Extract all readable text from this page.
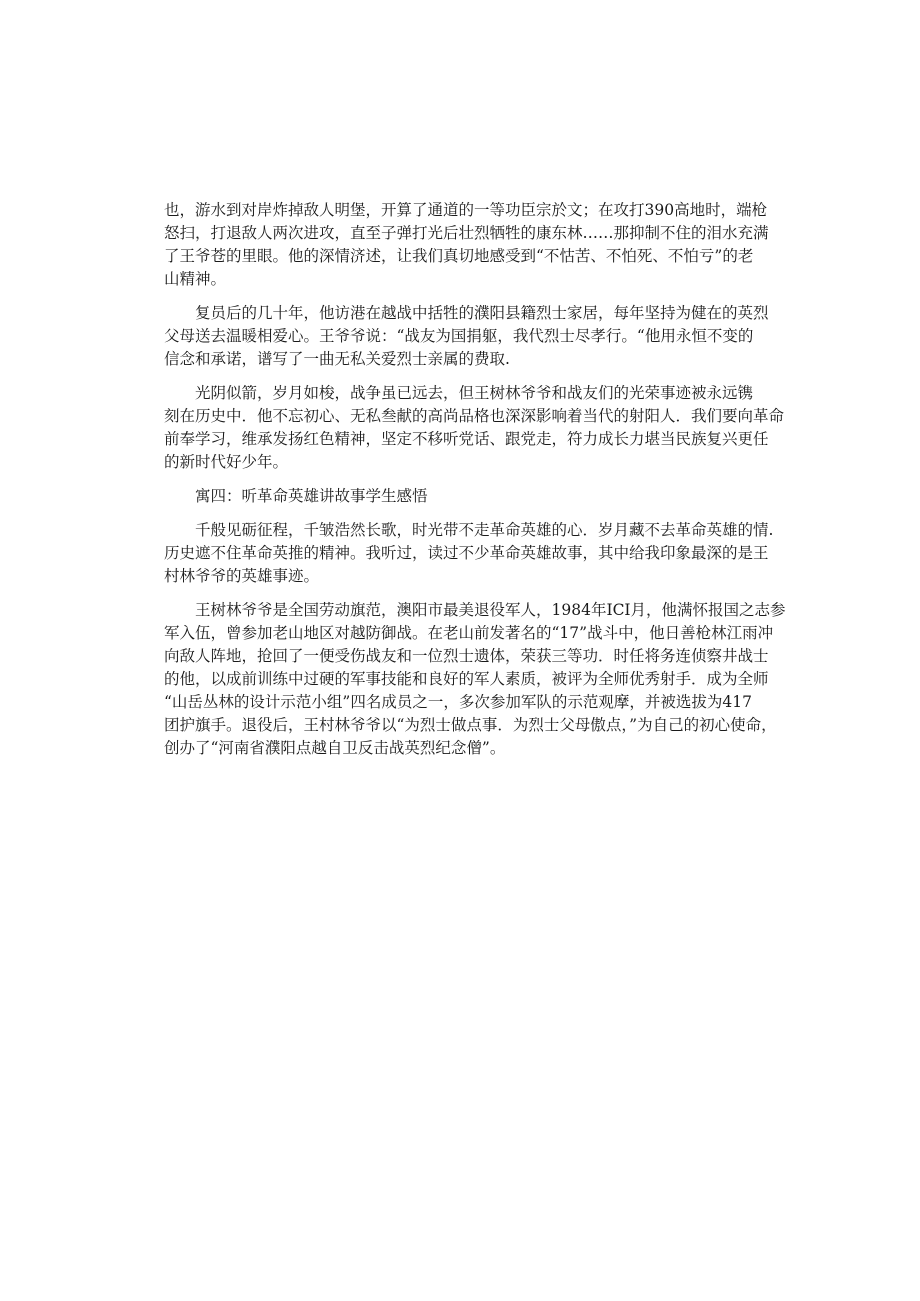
也，游水到对岸炸掉敌人明堡，开算了通道的一等功臣宗於文；在攻打390高地时，端枪
怒扫，打退敌人两次进攻，直至子弹打光后壮烈牺牲的康东林……那抑制不住的泪水充满
了王爷苍的里眼。他的深情济述，让我们真切地感受到“不怙苦、不怕死、不怕亏”的老
山精神。

复员后的几十年，他访港在越战中括牲的濮阳县籍烈士家居，每年坚持为健在的英烈
父母送去温暖相爱心。王爷爷说：“战友为国捐躯，我代烈士尽孝行。“他用永恒不变的
信念和承诺，谱写了一曲无私关爱烈士亲属的费取.

光阴似箭，岁月如梭，战争虽已远去，但王树林爷爷和战友们的光荣事迹被永远镌
刻在历史中．他不忘初心、无私叁献的高尚品格也深深影响着当代的射阳人．我们要向革命
前奉学习，维承发扬红色精神，坚定不移听党话、跟党走，符力成长力堪当民族复兴更任
的新时代好少年。

寓四：听革命英雄讲故事学生感悟

千般见砺征程，千皱浩然长歌，时光带不走革命英雄的心．岁月藏不去革命英雄的情.
历史遮不住革命英推的精神。我听过，读过不少革命英雄故事，其中给我印象最深的是王
村林爷爷的英雄事迹。

王树林爷爷是全国劳动旗范，澳阳市最美退役军人，1984年ICI月，他满怀报国之志参
军入伍，曾参加老山地区对越防御战。在老山前发著名的“17”战斗中，他日善枪林江雨冲
向敌人阵地，抢回了一便受伤战友和一位烈士遗体，荣获三等功．时任将务连侦察井战士
的他，以成前训练中过硬的军事技能和良好的军人素质，被评为全师优秀射手．成为全师
“山岳丛林的设计示范小组”四名成员之一，多次参加军队的示范观摩，并被选拔为417
团护旗手。退役后，王村林爷爷以“为烈士做点事．为烈士父母傲点，”为自己的初心使命，
创办了“河南省濮阳点越自卫反击战英烈纪念僧”。
